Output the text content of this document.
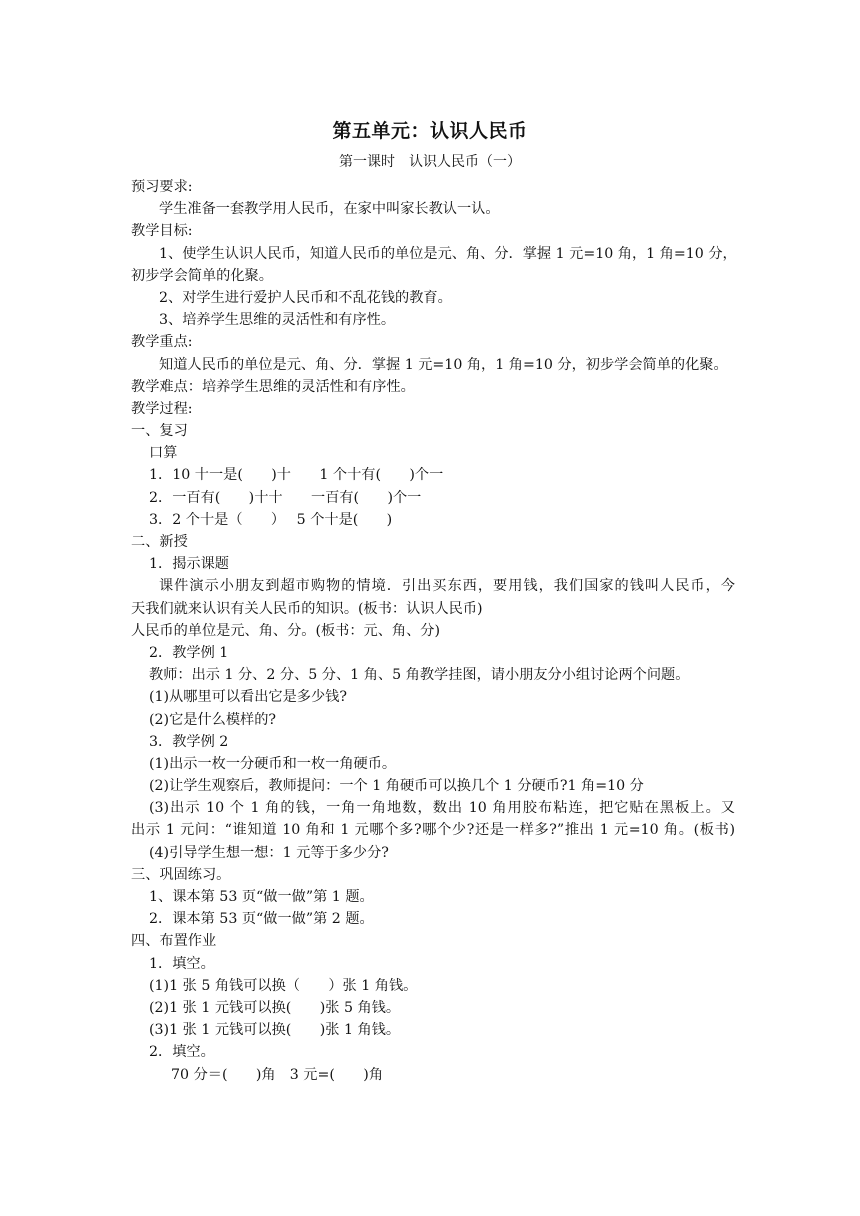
第五单元：认识人民币
第一课时　认识人民币（一）
预习要求:
学生准备一套教学用人民币，在家中叫家长教认一认。
教学目标:
1、使学生认识人民币，知道人民币的单位是元、角、分．掌握 1 元=10 角，1 角=10 分，
初步学会简单的化聚。
2、对学生进行爱护人民币和不乱花钱的教育。
3、培养学生思维的灵活性和有序性。
教学重点:
知道人民币的单位是元、角、分．掌握 1 元=10 角，1 角=10 分，初步学会简单的化聚。
教学难点：培养学生思维的灵活性和有序性。
教学过程:
一、复习
口算
1．10 十一是(　　)十　　1 个十有(　　)个一
2．一百有(　　)十十　　一百有(　　)个一
3．2 个十是（　　）　 5 个十是(　　)
二、新授
1．揭示课题
课件演示小朋友到超市购物的情境．引出买东西，要用钱，我们国家的钱叫人民币，今
天我们就来认识有关人民币的知识。(板书：认识人民币)
人民币的单位是元、角、分。(板书：元、角、分)
2．教学例 1
教师：出示 1 分、2 分、5 分、1 角、5 角教学挂图，请小朋友分小组讨论两个问题。
(1)从哪里可以看出它是多少钱?
(2)它是什么模样的?
3．教学例 2
(1)出示一枚一分硬币和一枚一角硬币。
(2)让学生观察后，教师提问：一个 1 角硬币可以换几个 1 分硬币?1 角=10 分
(3)出示 10 个 1 角的钱，一角一角地数，数出 10 角用胶布粘连，把它贴在黑板上。又
出示 1 元问：“谁知道 10 角和 1 元哪个多?哪个少?还是一样多?”推出 1 元=10 角。(板书)
(4)引导学生想一想：1 元等于多少分?
三、巩固练习。
1、课本第 53 页“做一做”第 1 题。
2．课本第 53 页“做一做”第 2 题。
四、布置作业
1．填空。
(1)1 张 5 角钱可以换（　　）张 1 角钱。
(2)1 张 1 元钱可以换(　　)张 5 角钱。
(3)1 张 1 元钱可以换(　　)张 1 角钱。
2．填空。
70 分＝(　　)角　3 元=(　　)角
